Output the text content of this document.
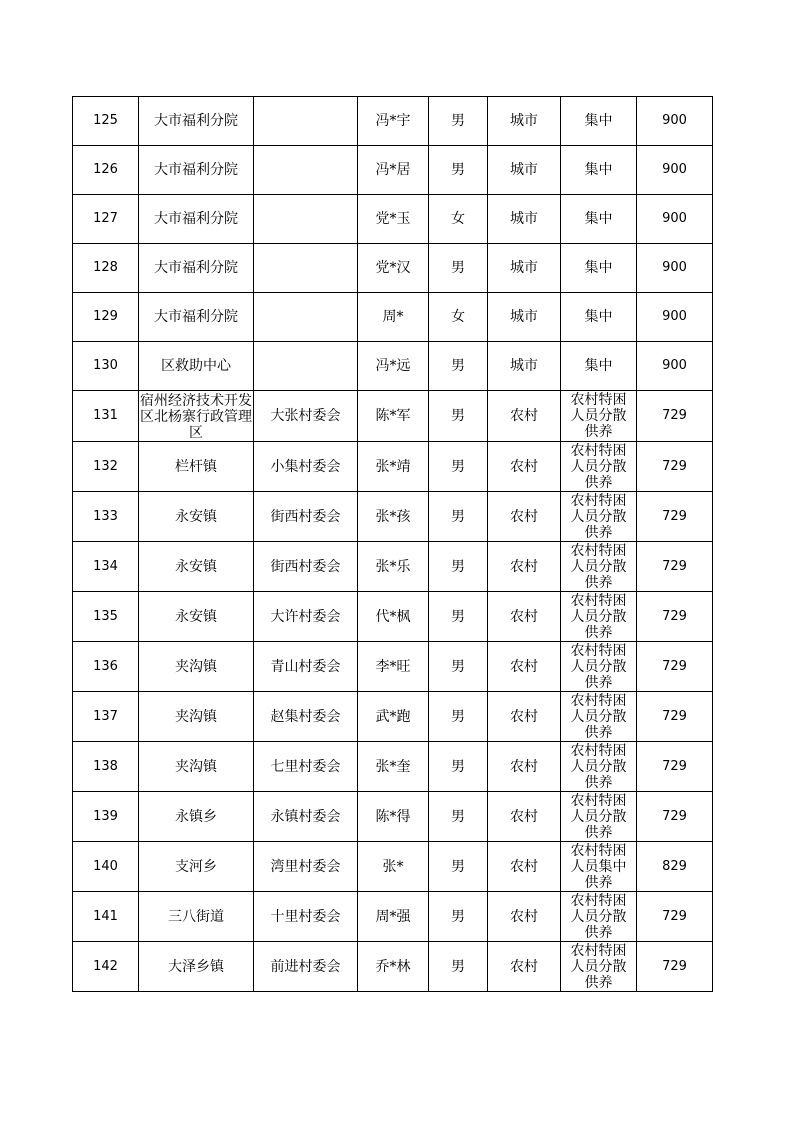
125	大市福利分院		冯*宇	男	城市	集中	900
126	大市福利分院		冯*居	男	城市	集中	900
127	大市福利分院		党*玉	女	城市	集中	900
128	大市福利分院		党*汉	男	城市	集中	900
129	大市福利分院		周*	女	城市	集中	900
130	区救助中心		冯*远	男	城市	集中	900
131	宿州经济技术开发区北杨寨行政管理区	大张村委会	陈*军	男	农村	农村特困人员分散供养	729
132	栏杆镇	小集村委会	张*靖	男	农村	农村特困人员分散供养	729
133	永安镇	街西村委会	张*孩	男	农村	农村特困人员分散供养	729
134	永安镇	街西村委会	张*乐	男	农村	农村特困人员分散供养	729
135	永安镇	大许村委会	代*枫	男	农村	农村特困人员分散供养	729
136	夹沟镇	青山村委会	李*旺	男	农村	农村特困人员分散供养	729
137	夹沟镇	赵集村委会	武*跑	男	农村	农村特困人员分散供养	729
138	夹沟镇	七里村委会	张*奎	男	农村	农村特困人员分散供养	729
139	永镇乡	永镇村委会	陈*得	男	农村	农村特困人员分散供养	729
140	支河乡	湾里村委会	张*	男	农村	农村特困人员集中供养	829
141	三八街道	十里村委会	周*强	男	农村	农村特困人员分散供养	729
142	大泽乡镇	前进村委会	乔*林	男	农村	农村特困人员分散供养	729
